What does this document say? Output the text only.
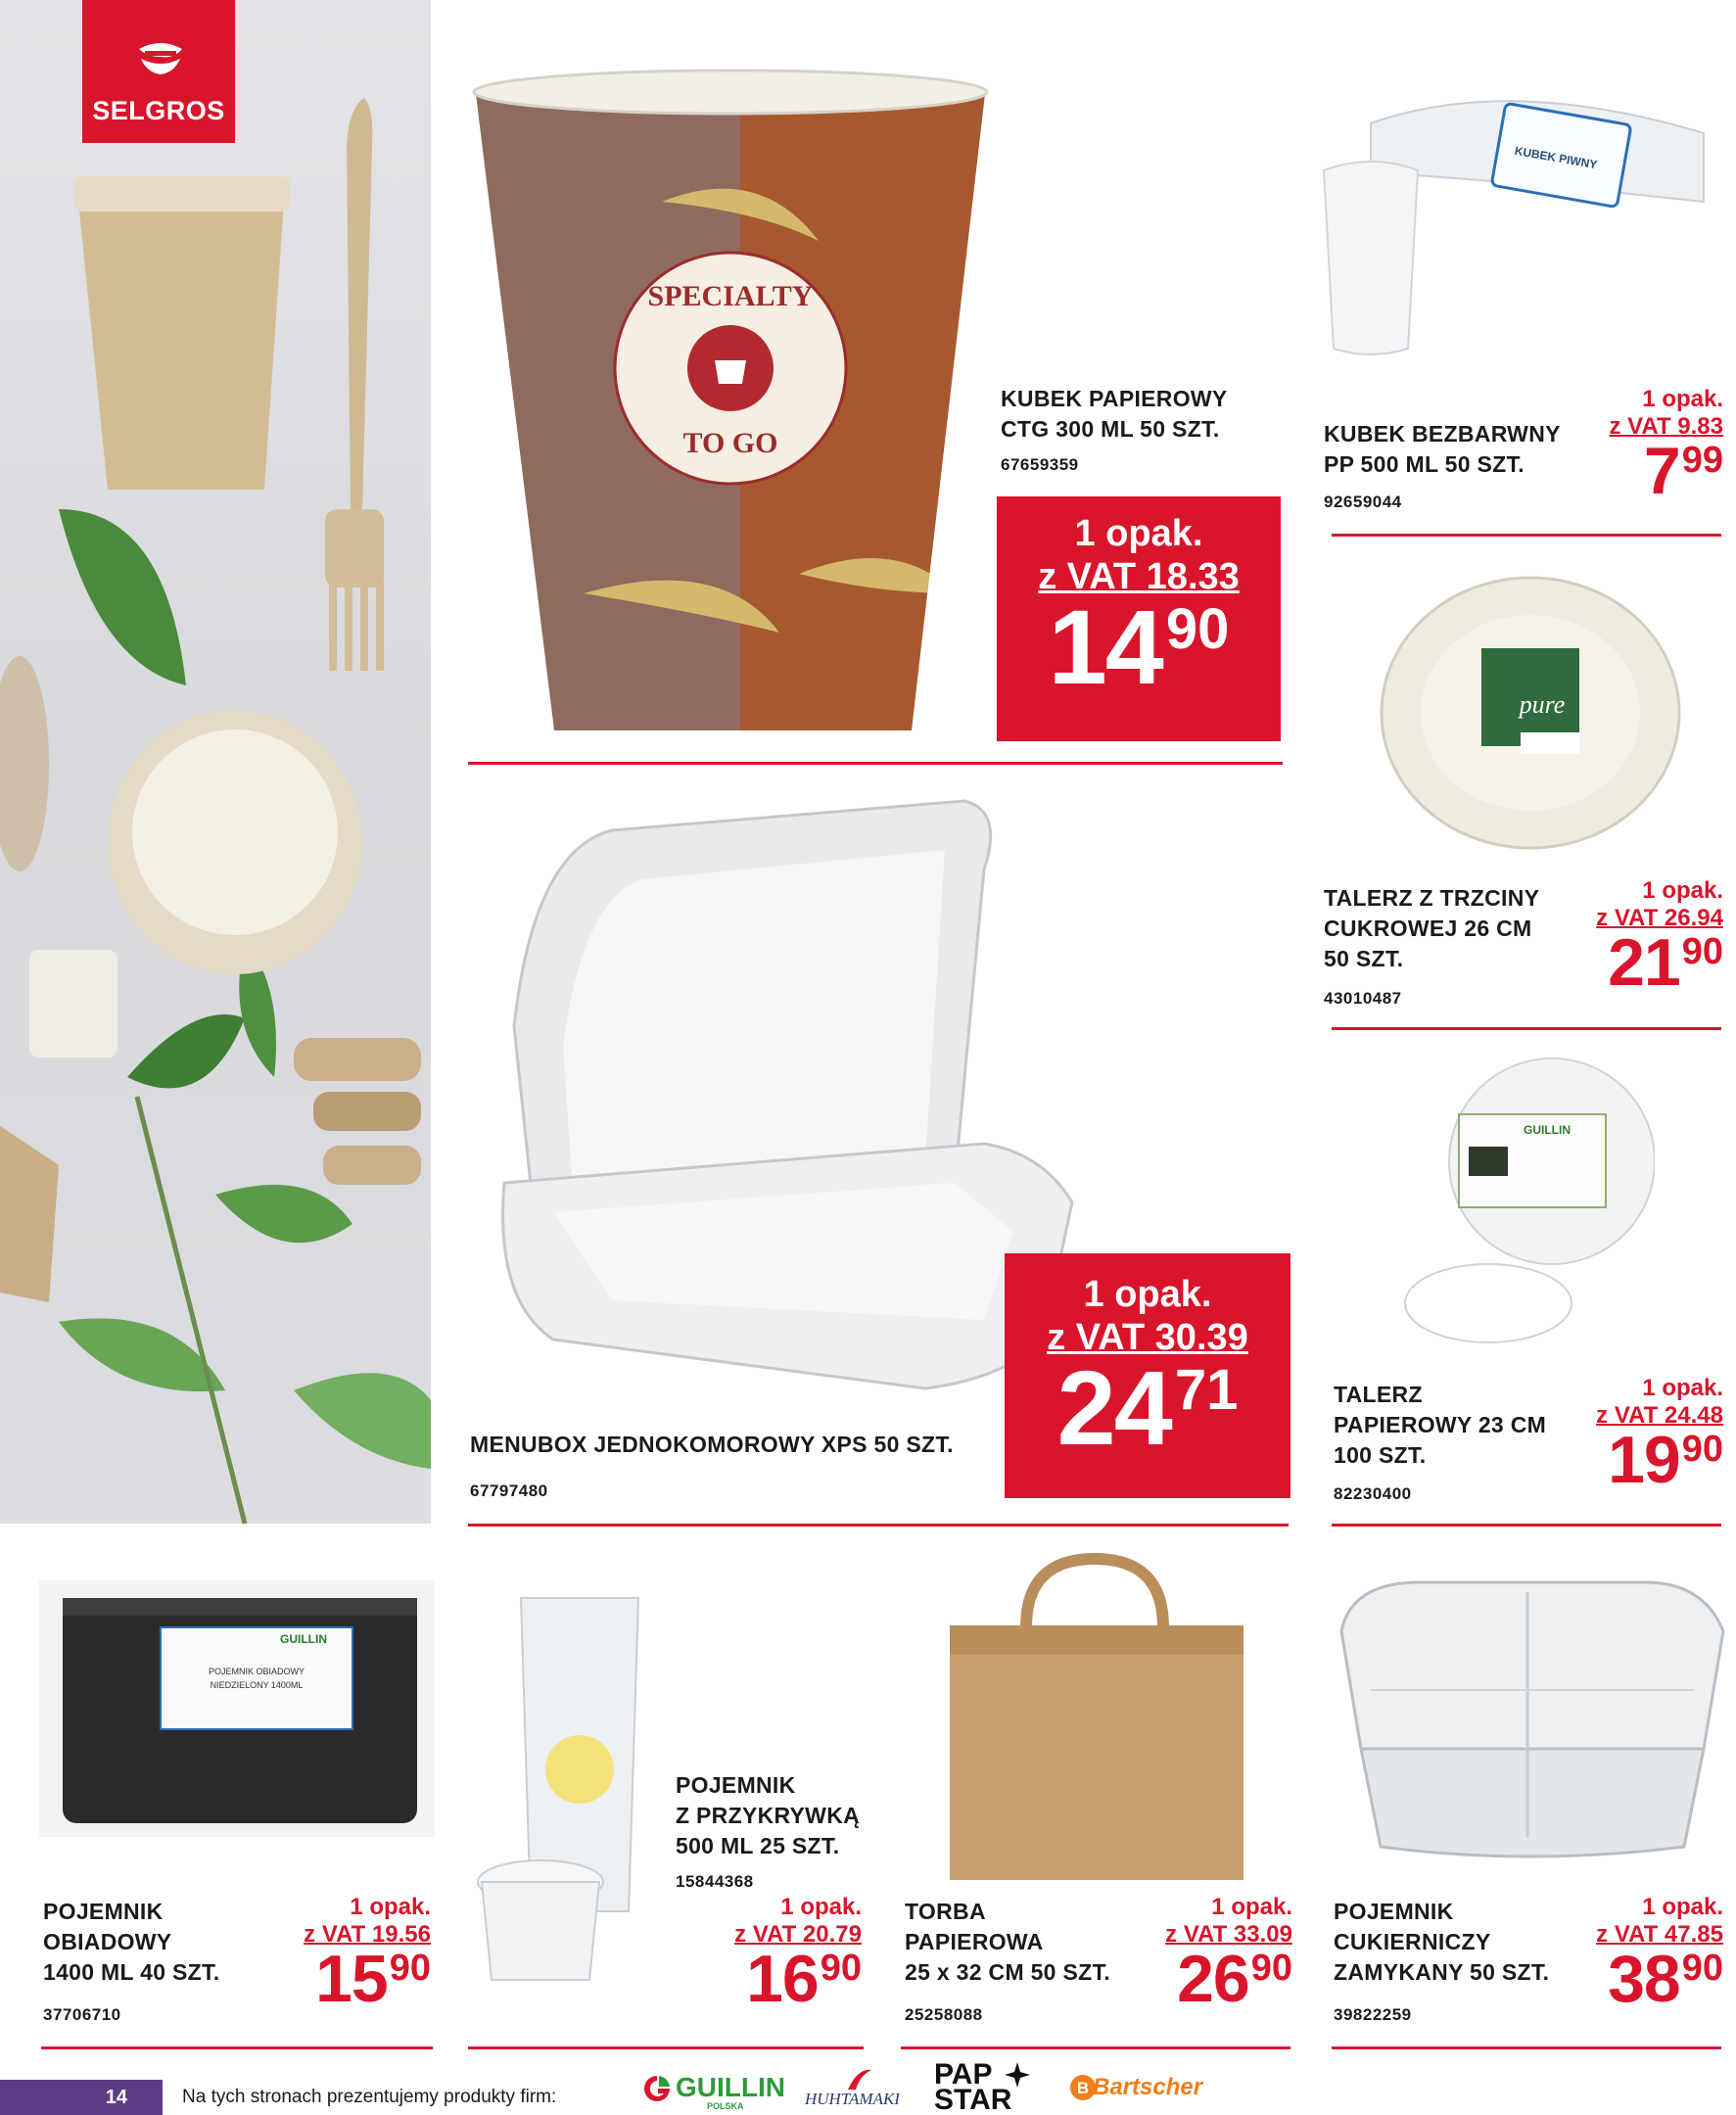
SELGROS
SPECIALTY
TO GO
KUBEK PAPIEROWY
CTG 300 ML 50 SZT.
67659359
1 opak.
z VAT 18.33
1490
KUBEK PIWNY
KUBEK BEZBARWNY
PP 500 ML 50 SZT.
92659044
1 opak.
z VAT 9.83
799
pure
TALERZ Z TRZCINY
CUKROWEJ 26 CM
50 SZT.
43010487
1 opak.
z VAT 26.94
2190
MENUBOX JEDNOKOMOROWY XPS 50 SZT.
67797480
1 opak.
z VAT 30.39
2471
GUILLIN
TALERZ
PAPIEROWY 23 CM
100 SZT.
82230400
1 opak.
z VAT 24.48
1990
GUILLIN
POJEMNIK OBIADOWY
NIEDZIELONY 1400ML
POJEMNIK
OBIADOWY
1400 ML 40 SZT.
37706710
1 opak.
z VAT 19.56
1590
POJEMNIK
Z PRZYKRYWKĄ
500 ML 25 SZT.
15844368
1 opak.
z VAT 20.79
1690
TORBA
PAPIEROWA
25 x 32 CM 50 SZT.
25258088
1 opak.
z VAT 33.09
2690
POJEMNIK
CUKIERNICZY
ZAMYKANY 50 SZT.
39822259
1 opak.
z VAT 47.85
3890
14	Na tych stronach prezentujemy produkty firm:	GUILLIN
POLSKA	HUHTAMAKI
PAP
STAR	B Bartscher
